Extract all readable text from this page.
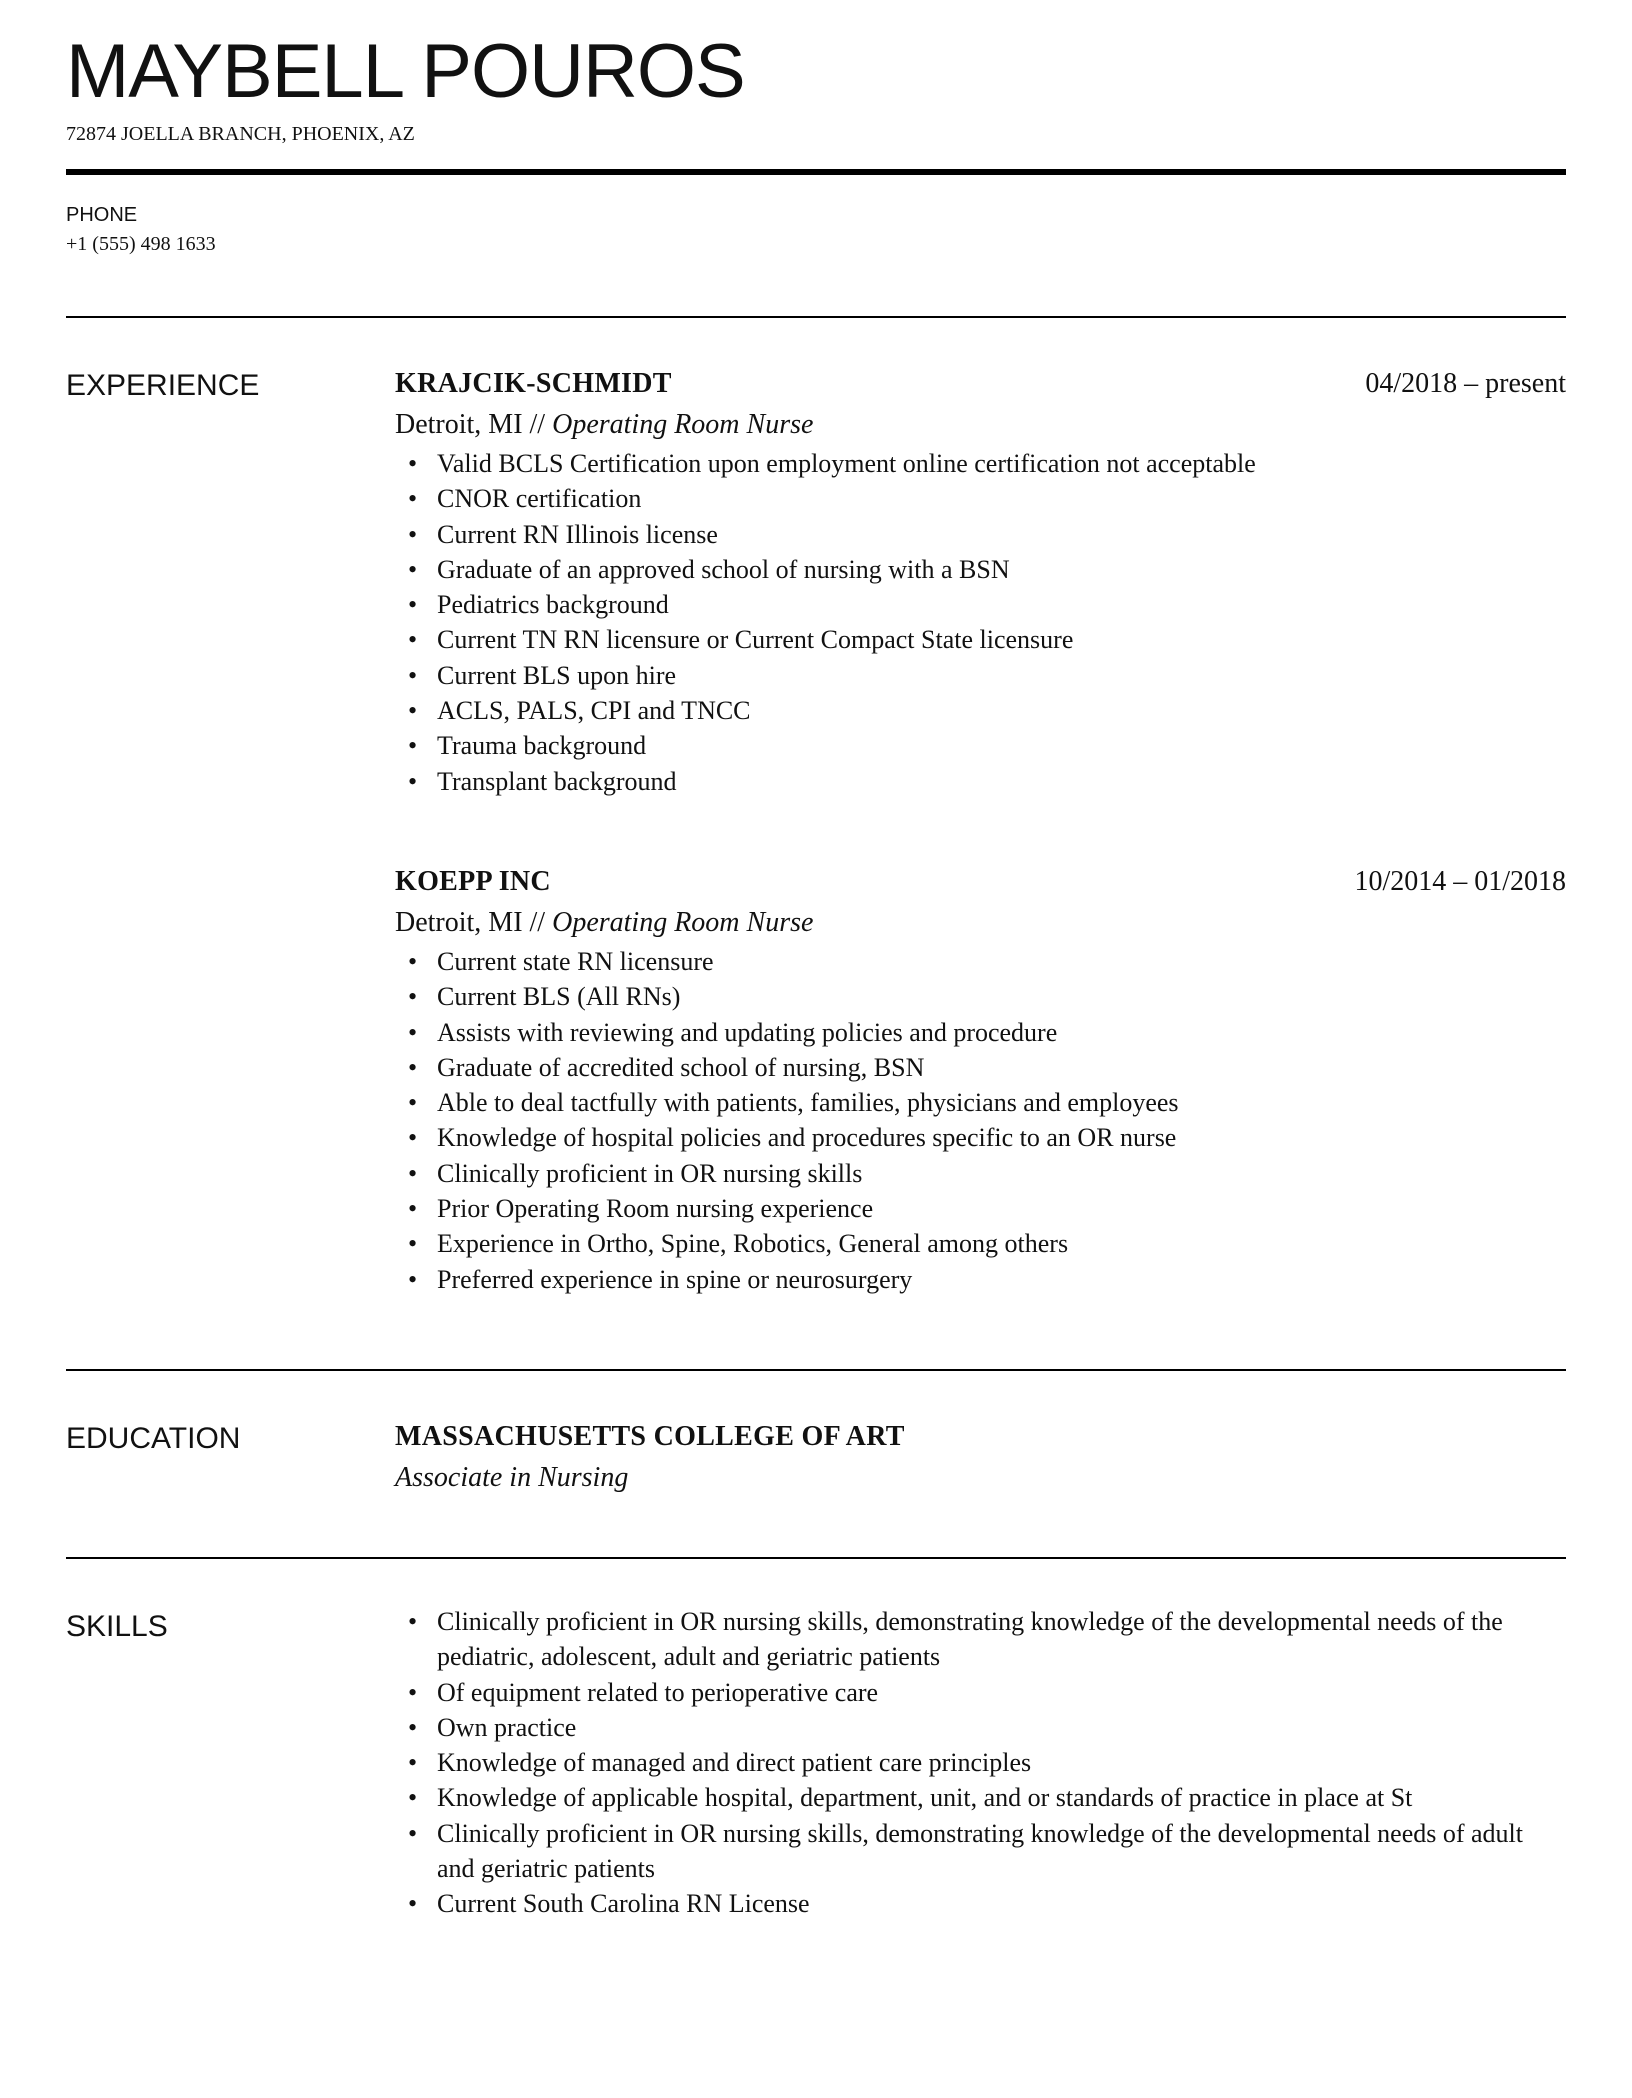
MAYBELL POUROS
72874 JOELLA BRANCH, PHOENIX, AZ
PHONE
+1 (555) 498 1633
EXPERIENCE	KRAJCIK-SCHMIDT	04/2018 – present
Detroit, MI // Operating Room Nurse
• Valid BCLS Certification upon employment online certification not acceptable
• CNOR certification
• Current RN Illinois license
• Graduate of an approved school of nursing with a BSN
• Pediatrics background
• Current TN RN licensure or Current Compact State licensure
• Current BLS upon hire
• ACLS, PALS, CPI and TNCC
• Trauma background
• Transplant background
KOEPP INC	10/2014 – 01/2018
Detroit, MI // Operating Room Nurse
• Current state RN licensure
• Current BLS (All RNs)
• Assists with reviewing and updating policies and procedure
• Graduate of accredited school of nursing, BSN
• Able to deal tactfully with patients, families, physicians and employees
• Knowledge of hospital policies and procedures specific to an OR nurse
• Clinically proficient in OR nursing skills
• Prior Operating Room nursing experience
• Experience in Ortho, Spine, Robotics, General among others
• Preferred experience in spine or neurosurgery
EDUCATION	MASSACHUSETTS COLLEGE OF ART
Associate in Nursing
SKILLS
•	Clinically proficient in OR nursing skills, demonstrating knowledge of the developmental needs of the pediatric, adolescent, adult and geriatric patients
• Of equipment related to perioperative care
• Own practice
• Knowledge of managed and direct patient care principles
• Knowledge of applicable hospital, department, unit, and or standards of practice in place at St
• Clinically proficient in OR nursing skills, demonstrating knowledge of the developmental needs of adult and geriatric patients
• Current South Carolina RN License
